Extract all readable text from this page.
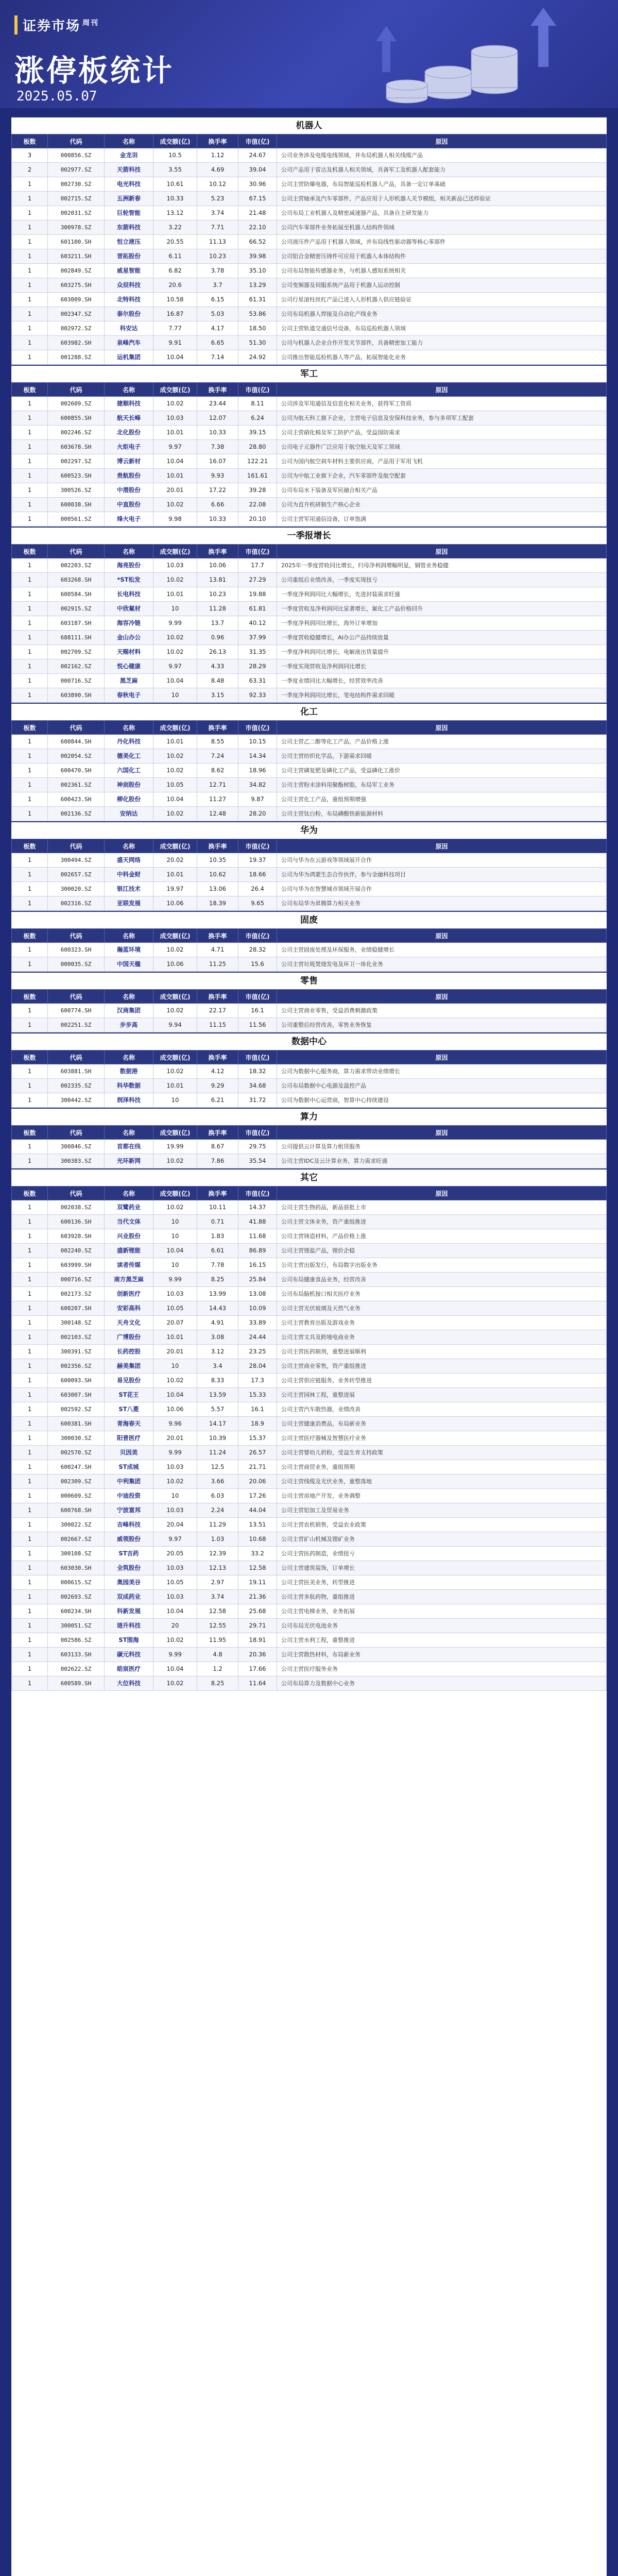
证券市场 $^{周刊}$
涨停板统计
2025.05.07
机器人
板数	代码	名称	成交额(亿)	换手率	市值(亿)	原因
3	000856.SZ	金龙羽	10.5	1.12	24.67	公司业务涉及电缆电线领域，并布局机器人相关线缆产品
2	002977.SZ	天箭科技	3.55	4.69	39.04	公司产品用于雷达及机器人相关领域，具备军工及机器人配套能力
1	002730.SZ	电光科技	10.61	10.12	30.96	公司主营防爆电器，布局智能巡检机器人产品，具备一定订单基础
1	002715.SZ	五洲新春	10.33	5.23	67.15	公司主营轴承及汽车零部件，产品应用于人形机器人关节模组，相关新品已送样验证
1	002031.SZ	巨轮智能	13.12	3.74	21.48	公司布局工业机器人及精密减速器产品，具备自主研发能力
1	300978.SZ	东箭科技	3.22	7.71	22.10	公司汽车零部件业务拓展至机器人结构件领域
1	601100.SH	恒立液压	20.55	11.13	66.52	公司液压件产品用于机器人领域，并布局线性驱动器等核心零部件
1	603211.SH	晋拓股份	6.11	10.23	39.98	公司铝合金精密压铸件可应用于机器人本体结构件
1	002849.SZ	威星智能	6.82	3.78	35.10	公司布局智能传感器业务，与机器人感知系统相关
1	603275.SH	众辰科技	20.6	3.7	13.29	公司变频器及伺服系统产品用于机器人运动控制
1	603009.SH	北特科技	10.58	6.15	61.31	公司行星滚柱丝杠产品已进入人形机器人供应链验证
1	002347.SZ	泰尔股份	16.87	5.03	53.86	公司布局机器人焊接及自动化产线业务
1	002972.SZ	科安达	7.77	4.17	18.50	公司主营轨道交通信号设备，布局巡检机器人领域
1	603982.SH	泉峰汽车	9.91	6.65	51.30	公司与机器人企业合作开发关节部件，具备精密加工能力
1	001288.SZ	运机集团	10.04	7.14	24.92	公司推出智能巡检机器人等产品，拓展智能化业务
军工
板数	代码	名称	成交额(亿)	换手率	市值(亿)	原因
1	002609.SZ	捷顺科技	10.02	23.44	8.11	公司涉及军用通信及信息化相关业务，获得军工资质
1	600855.SH	航天长峰	10.03	12.07	6.24	公司为航天科工旗下企业，主营电子信息及安保科技业务，参与多项军工配套
1	002246.SZ	北化股份	10.01	10.33	39.15	公司主营硝化棉及军工防护产品，受益国防需求
1	603678.SH	火炬电子	9.97	7.38	28.80	公司电子元器件广泛应用于航空航天及军工领域
1	002297.SZ	博云新材	10.04	16.07	122.21	公司为国内航空刹车材料主要供应商，产品用于军用飞机
1	600523.SH	贵航股份	10.01	9.93	161.61	公司为中航工业旗下企业，汽车零部件及航空配套
1	300526.SZ	中潜股份	20.01	17.22	39.28	公司布局水下装备及军民融合相关产品
1	600038.SH	中直股份	10.02	6.66	22.08	公司为直升机研制生产核心企业
1	000561.SZ	烽火电子	9.98	10.33	20.10	公司主营军用通信设备，订单饱满
一季报增长
板数	代码	名称	成交额(亿)	换手率	市值(亿)	原因
1	002203.SZ	海亮股份	10.03	10.06	17.7	2025年一季度营收同比增长，归母净利润增幅明显，铜管业务稳健
1	603268.SH	*ST松发	10.02	13.81	27.29	公司重组后业绩改善，一季度实现扭亏
1	600584.SH	长电科技	10.01	10.23	19.88	一季度净利润同比大幅增长，先进封装需求旺盛
1	002915.SZ	中欣氟材	10	11.28	61.81	一季度营收及净利润同比显著增长，氟化工产品价格回升
1	603187.SH	海容冷链	9.99	13.7	40.12	一季度净利润同比增长，海外订单增加
1	688111.SH	金山办公	10.02	0.96	37.99	一季度营收稳健增长，AI办公产品持续放量
1	002709.SZ	天赐材料	10.02	26.13	31.35	一季度净利润同比增长，电解液出货量提升
1	002162.SZ	悦心健康	9.97	4.33	28.29	一季度实现营收及净利润同比增长
1	000716.SZ	黑芝麻	10.04	8.48	63.31	一季度业绩同比大幅增长，经营效率改善
1	603890.SH	春秋电子	10	3.15	92.33	一季度净利润同比增长，笔电结构件需求回暖
化工
板数	代码	名称	成交额(亿)	换手率	市值(亿)	原因
1	600844.SH	丹化科技	10.01	8.55	10.15	公司主营乙二醇等化工产品，产品价格上涨
1	002054.SZ	德美化工	10.02	7.24	14.34	公司主营纺织化学品，下游需求回暖
1	600470.SH	六国化工	10.02	8.62	18.96	公司主营磷复肥及磷化工产品，受益磷化工涨价
1	002361.SZ	神剑股份	10.05	12.71	34.82	公司主营粉末涂料用聚酯树脂，布局军工业务
1	600423.SH	柳化股份	10.04	11.27	9.87	公司主营化工产品，重组预期增强
1	002136.SZ	安纳达	10.02	12.48	28.20	公司主营钛白粉，布局磷酸铁新能源材料
华为
板数	代码	名称	成交额(亿)	换手率	市值(亿)	原因
1	300494.SZ	盛天网络	20.02	10.35	19.37	公司与华为在云游戏等领域展开合作
1	002657.SZ	中科金财	10.01	10.62	18.66	公司为华为鸿蒙生态合作伙伴，参与金融科技项目
1	300020.SZ	银江技术	19.97	13.06	26.4	公司与华为在智慧城市领域开展合作
1	002316.SZ	亚联发展	10.06	18.39	9.65	公司布局华为昇腾算力相关业务
固废
板数	代码	名称	成交额(亿)	换手率	市值(亿)	原因
1	600323.SH	瀚蓝环境	10.02	4.71	28.32	公司主营固废处理及环保服务，业绩稳健增长
1	000035.SZ	中国天楹	10.06	11.25	15.6	公司主营垃圾焚烧发电及环卫一体化业务
零售
板数	代码	名称	成交额(亿)	换手率	市值(亿)	原因
1	600774.SH	汉商集团	10.02	22.17	16.1	公司主营商业零售，受益消费刺激政策
1	002251.SZ	步步高	9.94	11.15	11.56	公司重整后经营改善，零售业务恢复
数据中心
板数	代码	名称	成交额(亿)	换手率	市值(亿)	原因
1	603881.SH	数据港	10.02	4.12	18.32	公司为数据中心服务商，算力需求带动业绩增长
1	002335.SZ	科华数据	10.01	9.29	34.68	公司布局数据中心电源及温控产品
1	300442.SZ	润泽科技	10	6.21	31.72	公司为数据中心运营商，智算中心持续建设
算力
板数	代码	名称	成交额(亿)	换手率	市值(亿)	原因
1	300846.SZ	首都在线	19.99	8.67	29.75	公司提供云计算及算力租赁服务
1	300383.SZ	光环新网	10.02	7.86	35.54	公司主营IDC及云计算业务，算力需求旺盛
其它
板数	代码	名称	成交额(亿)	换手率	市值(亿)	原因
1	002038.SZ	双鹭药业	10.02	10.11	14.37	公司主营生物药品，新品获批上市
1	600136.SH	当代文体	10	0.71	41.88	公司主营文体业务，资产重组推进
1	603928.SH	兴业股份	10	1.83	11.68	公司主营铸造材料，产品价格上涨
1	002240.SZ	盛新锂能	10.04	6.61	86.89	公司主营锂盐产品，锂价企稳
1	603999.SH	读者传媒	10	7.78	16.15	公司主营出版发行，布局数字出版业务
1	000716.SZ	南方黑芝麻	9.99	8.25	25.84	公司布局健康食品业务，经营改善
1	002173.SZ	创新医疗	10.03	13.99	13.08	公司布局脑机接口相关医疗业务
1	600207.SH	安彩高科	10.05	14.43	10.09	公司主营光伏玻璃及天然气业务
1	300148.SZ	天舟文化	20.07	4.91	33.89	公司主营教育出版及游戏业务
1	002103.SZ	广博股份	10.01	3.08	24.44	公司主营文具及跨境电商业务
1	300391.SZ	长药控股	20.01	3.12	23.25	公司主营医药制剂，重整进展顺利
1	002356.SZ	赫美集团	10	3.4	28.04	公司主营商业零售，资产重组推进
1	600093.SH	易见股份	10.02	8.33	17.3	公司主营供应链服务，业务转型推进
1	603007.SH	ST花王	10.04	13.59	15.33	公司主营园林工程，重整进展
1	002592.SZ	ST八菱	10.06	5.57	16.1	公司主营汽车散热器，业绩改善
1	600381.SH	青海春天	9.96	14.17	18.9	公司主营健康消费品，布局新业务
1	300030.SZ	阳普医疗	20.01	10.39	15.37	公司主营医疗器械及智慧医疗业务
1	002570.SZ	贝因美	9.99	11.24	26.57	公司主营婴幼儿奶粉，受益生育支持政策
1	600247.SH	ST成城	10.03	12.5	21.71	公司主营商贸业务，重组预期
1	002309.SZ	中利集团	10.02	3.66	20.06	公司主营线缆及光伏业务，重整落地
1	000609.SZ	中迪投资	10	6.03	17.26	公司主营房地产开发，业务调整
1	600768.SH	宁波富邦	10.03	2.24	44.04	公司主营铝加工及贸易业务
1	300022.SZ	吉峰科技	20.04	11.29	13.51	公司主营农机销售，受益农业政策
1	002667.SZ	威领股份	9.97	1.03	10.68	公司主营矿山机械及锂矿业务
1	300108.SZ	ST吉药	20.05	12.39	33.2	公司主营医药制造，业绩扭亏
1	603030.SH	全筑股份	10.03	12.13	12.58	公司主营建筑装饰，订单增长
1	000615.SZ	奥园美谷	10.05	2.97	19.11	公司主营医美业务，转型推进
1	002693.SZ	双成药业	10.03	3.74	21.36	公司主营多肽药物，重组推进
1	600234.SH	科新发展	10.04	12.58	25.68	公司主营电梯业务，业务拓展
1	300051.SZ	琏升科技	20	12.55	29.71	公司布局光伏电池业务
1	002586.SZ	ST围海	10.02	11.95	18.91	公司主营水利工程，重整推进
1	603133.SH	碳元科技	9.99	4.8	20.36	公司主营散热材料，布局新业务
1	002622.SZ	皓宸医疗	10.04	1.2	17.66	公司主营医疗服务业务
1	600589.SH	大位科技	10.02	8.25	11.64	公司布局算力及数据中心业务
